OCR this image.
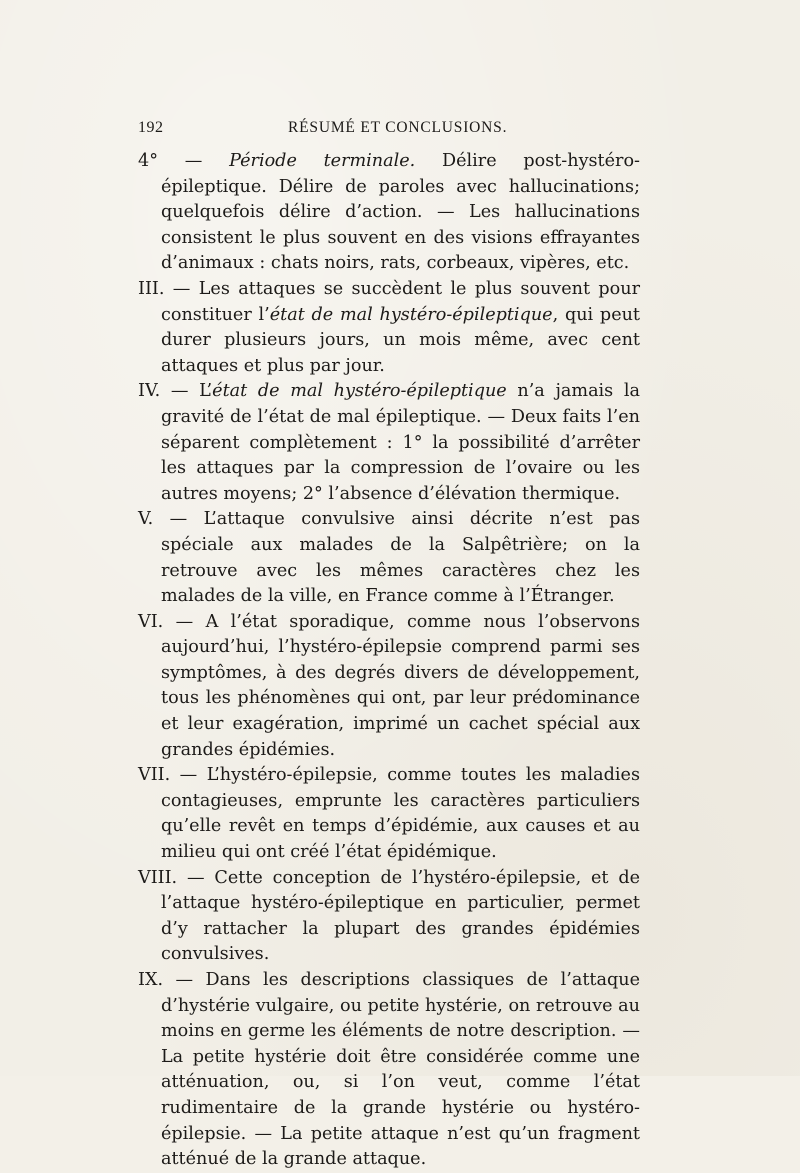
192	RÉSUMÉ ET CONCLUSIONS.

4° — Période terminale. Délire post-hystéro-épileptique. Délire de paroles avec hallucinations; quelquefois délire d’action. — Les hallucinations consistent le plus souvent en des visions effrayantes d’animaux : chats noirs, rats, corbeaux, vipères, etc.

III. — Les attaques se succèdent le plus souvent pour constituer l’état de mal hystéro-épileptique, qui peut durer plusieurs jours, un mois même, avec cent attaques et plus par jour.

IV. — L’état de mal hystéro-épileptique n’a jamais la gravité de l’état de mal épileptique. — Deux faits l’en séparent complètement : 1° la possibilité d’arrêter les attaques par la compression de l’ovaire ou les autres moyens; 2° l’absence d’élévation thermique.

V. — L’attaque convulsive ainsi décrite n’est pas spéciale aux malades de la Salpêtrière; on la retrouve avec les mêmes caractères chez les malades de la ville, en France comme à l’Étranger.

VI. — A l’état sporadique, comme nous l’observons aujourd’hui, l’hystéro-épilepsie comprend parmi ses symptômes, à des degrés divers de développement, tous les phénomènes qui ont, par leur prédominance et leur exagération, imprimé un cachet spécial aux grandes épidémies.

VII. — L’hystéro-épilepsie, comme toutes les maladies contagieuses, emprunte les caractères particuliers qu’elle revêt en temps d’épidémie, aux causes et au milieu qui ont créé l’état épidémique.

VIII. — Cette conception de l’hystéro-épilepsie, et de l’attaque hystéro-épileptique en particulier, permet d’y rattacher la plupart des grandes épidémies convulsives.

IX. — Dans les descriptions classiques de l’attaque d’hystérie vulgaire, ou petite hystérie, on retrouve au moins en germe les éléments de notre description. — La petite hystérie doit être considérée comme une atténuation, ou, si l’on veut, comme l’état rudimentaire de la grande hystérie ou hystéro-épilepsie. — La petite attaque n’est qu’un fragment atténué de la grande attaque.
